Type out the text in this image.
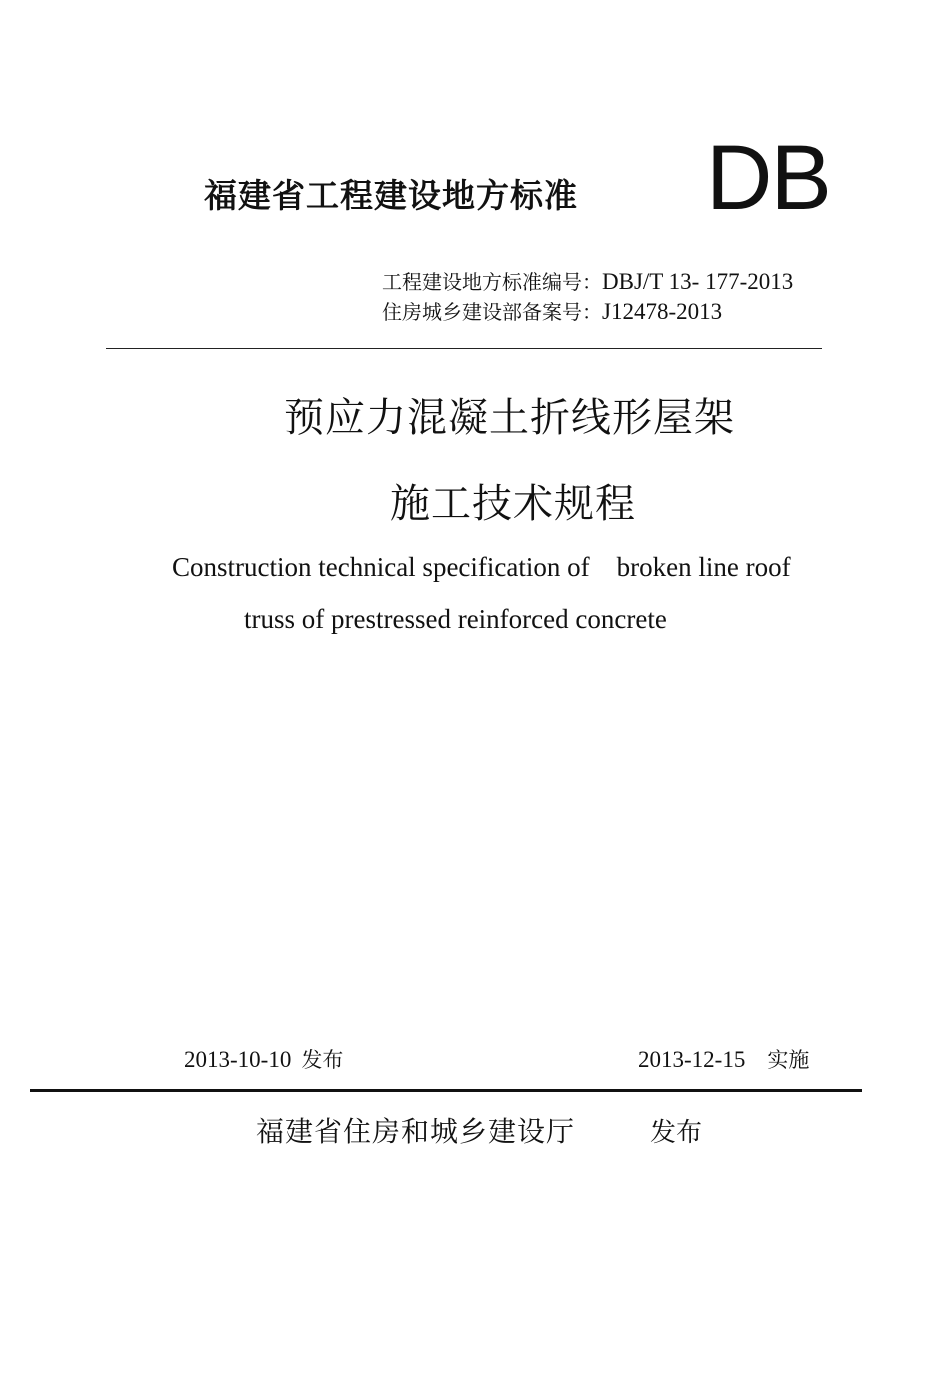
福建省工程建设地方标准 DB
工程建设地方标准编号：DBJ/T 13- 177-2013
住房城乡建设部备案号：J12478-2013
预应力混凝土折线形屋架
施工技术规程
Construction technical specification of    broken line roof
truss of prestressed reinforced concrete
2013-10-10 发布	2013-12-15 实施
福建省住房和城乡建设厅	发布
